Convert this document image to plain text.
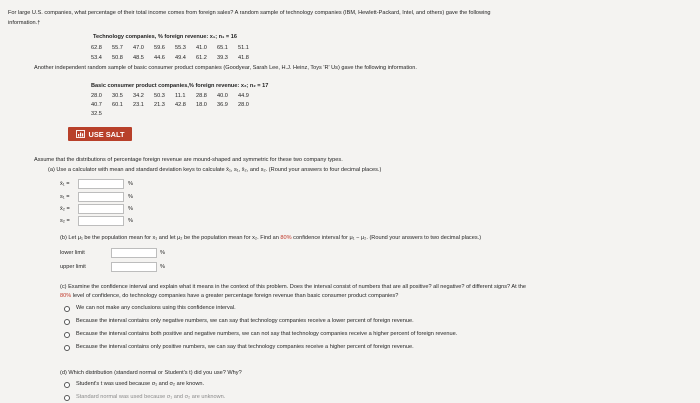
For large U.S. companies, what percentage of their total income comes from foreign sales? A random sample of technology companies (IBM, Hewlett-Packard, Intel, and others) gave the following
information.†
Technology companies, % foreign revenue: x₁; n₁ = 16
62.8	55.7	47.0	59.6	55.3	41.0	65.1	51.1
53.4	50.8	48.5	44.6	49.4	61.2	39.3	41.8
Another independent random sample of basic consumer product companies (Goodyear, Sarah Lee, H.J. Heinz, Toys 'R' Us) gave the following information.
Basic consumer product companies,% foreign revenue: x₂; n₂ = 17
28.0	30.5	34.2	50.3	11.1	28.8	40.0	44.9
40.7	60.1	23.1	21.3	42.8	18.0	36.9	28.0
32.5
USE SALT
Assume that the distributions of percentage foreign revenue are mound-shaped and symmetric for these two company types.
(a) Use a calculator with mean and standard deviation keys to calculate x̄₁, s₁, x̄₂, and s₂. (Round your answers to four decimal places.)
x̄₁ =	%
s₁ =	%
x̄₂ =	%
s₂ =	%
(b) Let μ₁ be the population mean for x₁ and let μ₂ be the population mean for x₂. Find an 80% confidence interval for μ₁ − μ₂. (Round your answers to two decimal places.)
lower limit	%
upper limit	%
(c) Examine the confidence interval and explain what it means in the context of this problem. Does the interval consist of numbers that are all positive? all negative? of different signs? At the
80% level of confidence, do technology companies have a greater percentage foreign revenue than basic consumer product companies?
We can not make any conclusions using this confidence interval.
Because the interval contains only negative numbers, we can say that technology companies receive a lower percent of foreign revenue.
Because the interval contains both positive and negative numbers, we can not say that technology companies receive a higher percent of foreign revenue.
Because the interval contains only positive numbers, we can say that technology companies receive a higher percent of foreign revenue.
(d) Which distribution (standard normal or Student's t) did you use? Why?
Student's t was used because σ₁ and σ₂ are known.
Standard normal was used because σ₁ and σ₂ are unknown.
